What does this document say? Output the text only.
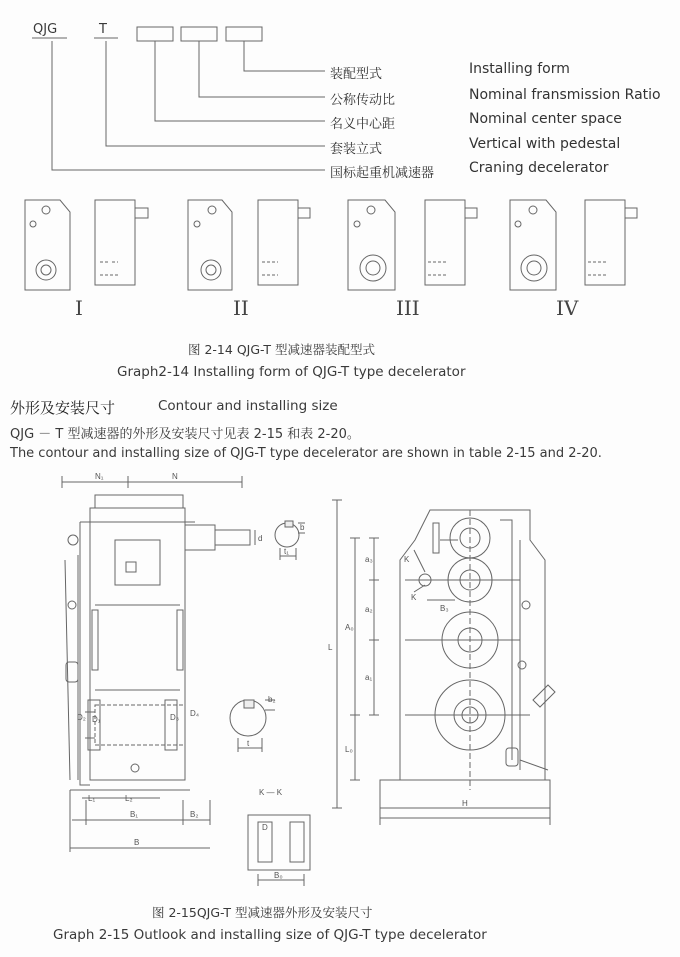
QJG	T
装配型式	Installing form
公称传动比	Nominal fransmission Ratio
名义中心距	Nominal center space
套装立式	Vertical with pedestal
国标起重机减速器 Craning decelerator
I	II	III	IV
图 2-14 QJG-T 型减速器装配型式
Graph2-14 Installing form of QJG-T type decelerator
外形及安装尺寸	Contour and installing size
QJG － T 型减速器的外形及安装尺寸见表 2-15 和表 2-20。
The contour and installing size of QJG-T type decelerator are shown in table 2-15 and 2-20.
图 2-15QJG-T 型减速器外形及安装尺寸
Graph 2-15 Outlook and installing size of QJG-T type decelerator
N₁	N
d
b
t₁
K
K
B₃
a₃
a₂
A₀
a₁
L
L₀
H
D₂ D₁	D₃ D₄
b₂
t
L₁	L₂
B₁	B₂
B
K — K
D
B₀
